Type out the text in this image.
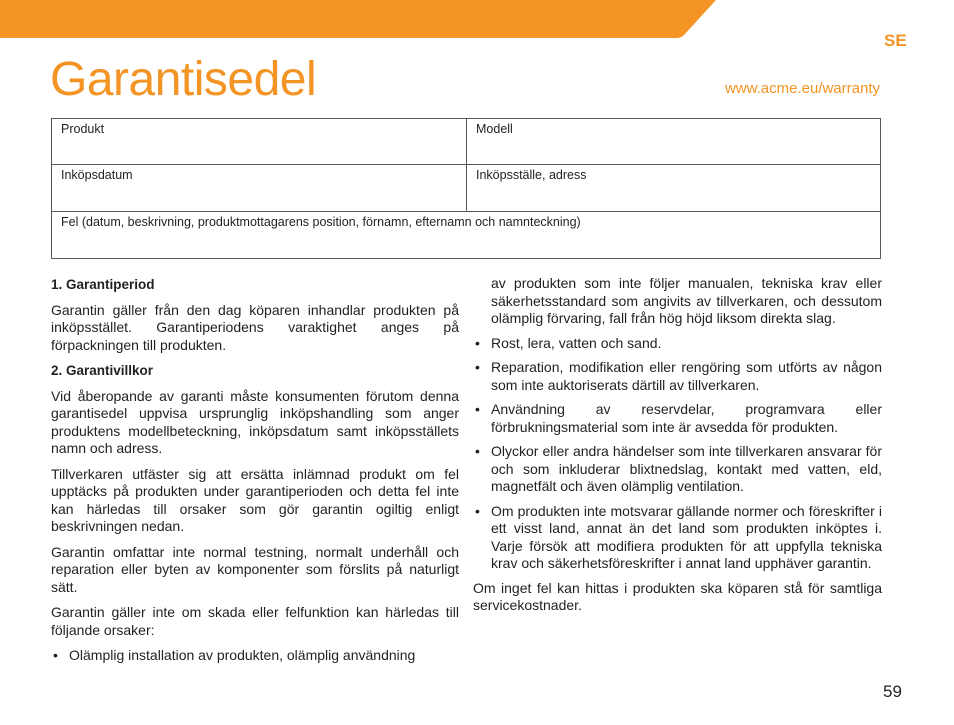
SE
Garantisedel	www.acme.eu/warranty
Produkt	Modell
Inköpsdatum	Inköpsställe, adress
Fel (datum, beskrivning, produktmottagarens position, förnamn, efternamn och namnteckning)
1. Garantiperiod

Garantin gäller från den dag köparen inhandlar produkten på inköpsstället. Garantiperiodens varaktighet anges på förpackningen till produkten.

2. Garantivillkor

Vid åberopande av garanti måste konsumenten förutom denna garantisedel uppvisa ursprunglig inköpshandling som anger produktens modellbeteckning, inköpsdatum samt inköpsställets namn och adress.

Tillverkaren utfäster sig att ersätta inlämnad produkt om fel upptäcks på produkten under garantiperioden och detta fel inte kan härledas till orsaker som gör garantin ogiltig enligt beskrivningen nedan.

Garantin omfattar inte normal testning, normalt underhåll och reparation eller byten av komponenter som förslits på naturligt sätt.

Garantin gäller inte om skada eller felfunktion kan härledas till följande orsaker:

• Olämplig installation av produkten, olämplig användning
av produkten som inte följer manualen, tekniska krav eller säkerhetsstandard som angivits av tillverkaren, och dessutom olämplig förvaring, fall från hög höjd liksom direkta slag.
• Rost, lera, vatten och sand.
• Reparation, modifikation eller rengöring som utförts av någon som inte auktoriserats därtill av tillverkaren.
• Användning av reservdelar, programvara eller förbrukningsmaterial som inte är avsedda för produkten.
• Olyckor eller andra händelser som inte tillverkaren ansvarar för och som inkluderar blixtnedslag, kontakt med vatten, eld, magnetfält och även olämplig ventilation.
• Om produkten inte motsvarar gällande normer och föreskrifter i ett visst land, annat än det land som produkten inköptes i. Varje försök att modifiera produkten för att uppfylla tekniska krav och säkerhetsföreskrifter i annat land upphäver garantin.

Om inget fel kan hittas i produkten ska köparen stå för samtliga servicekostnader.

59
